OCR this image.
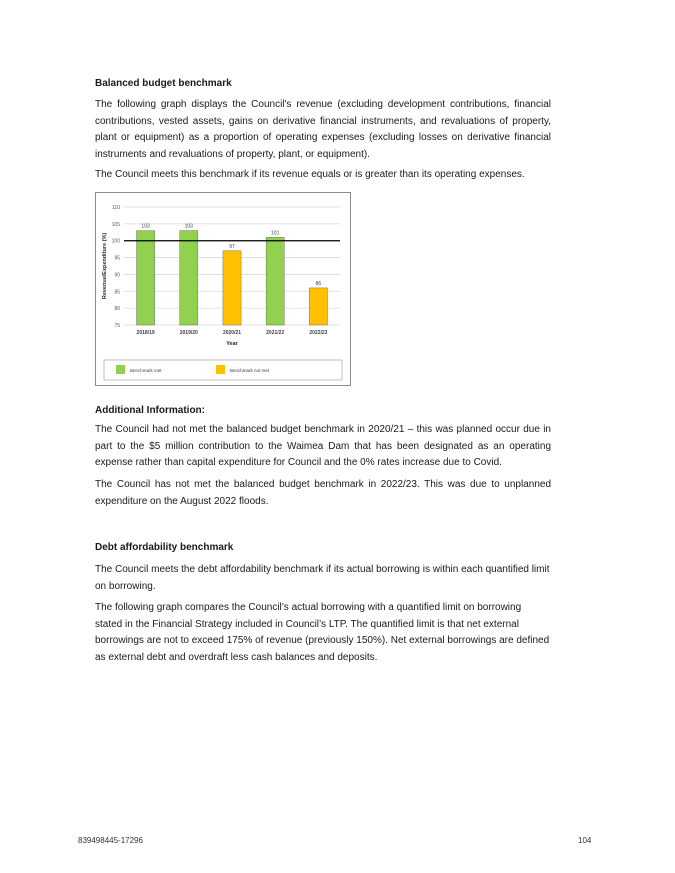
Balanced budget benchmark
The following graph displays the Council's revenue (excluding development contributions, financial contributions, vested assets, gains on derivative financial instruments, and revaluations of property, plant or equipment) as a proportion of operating expenses (excluding losses on derivative financial instruments and revaluations of property, plant, or equipment).
The Council meets this benchmark if its revenue equals or is greater than its operating expenses.
75
80
85
90
95
100
105
110
103
2018/19
103
2019/20
97
2020/21
101
2021/22
86
2022/23
Year
Revenue/Expenditure (%)
Benchmark met	Benchmark not met
Additional Information:
The Council had not met the balanced budget benchmark in 2020/21 – this was planned occur due in part to the $5 million contribution to the Waimea Dam that has been designated as an operating expense rather than capital expenditure for Council and the 0% rates increase due to Covid.
The Council has not met the balanced budget benchmark in 2022/23. This was due to unplanned expenditure on the August 2022 floods.
Debt affordability benchmark
The Council meets the debt affordability benchmark if its actual borrowing is within each quantified limit on borrowing.
The following graph compares the Council’s actual borrowing with a quantified limit on borrowing stated in the Financial Strategy included in Council’s LTP. The quantified limit is that net external borrowings are not to exceed 175% of revenue (previously 150%). Net external borrowings are defined as external debt and overdraft less cash balances and deposits.
839498445-17296	104
